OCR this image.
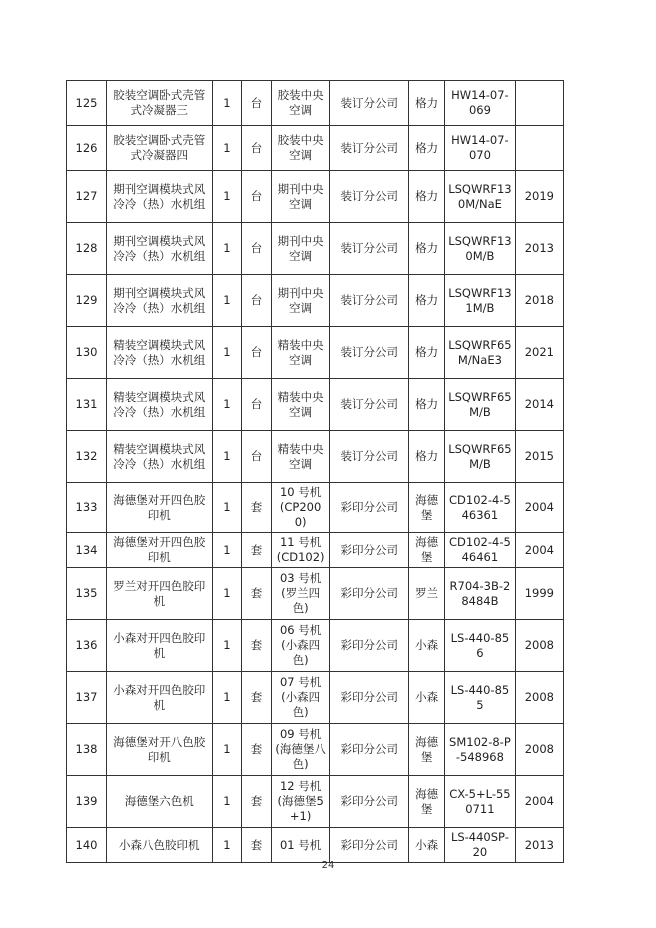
125	胶装空调卧式壳管式冷凝器三	1	台	胶装中央空调	装订分公司	格力	HW14-07-069	
126	胶装空调卧式壳管式冷凝器四	1	台	胶装中央空调	装订分公司	格力	HW14-07-070	
127	期刊空调模块式风冷冷（热）水机组	1	台	期刊中央空调	装订分公司	格力	LSQWRF130M/NaE	2019
128	期刊空调模块式风冷冷（热）水机组	1	台	期刊中央空调	装订分公司	格力	LSQWRF130M/B	2013
129	期刊空调模块式风冷冷（热）水机组	1	台	期刊中央空调	装订分公司	格力	LSQWRF131M/B	2018
130	精装空调模块式风冷冷（热）水机组	1	台	精装中央空调	装订分公司	格力	LSQWRF65M/NaE3	2021
131	精装空调模块式风冷冷（热）水机组	1	台	精装中央空调	装订分公司	格力	LSQWRF65M/B	2014
132	精装空调模块式风冷冷（热）水机组	1	台	精装中央空调	装订分公司	格力	LSQWRF65M/B	2015
133	海德堡对开四色胶印机	1	套	10 号机(CP2000)	彩印分公司	海德堡	CD102-4-546361	2004
134	海德堡对开四色胶印机	1	套	11 号机(CD102)	彩印分公司	海德堡	CD102-4-546461	2004
135	罗兰对开四色胶印机	1	套	03 号机(罗兰四色)	彩印分公司	罗兰	R704-3B-28484B	1999
136	小森对开四色胶印机	1	套	06 号机(小森四色)	彩印分公司	小森	LS-440-856	2008
137	小森对开四色胶印机	1	套	07 号机(小森四色)	彩印分公司	小森	LS-440-855	2008
138	海德堡对开八色胶印机	1	套	09 号机(海德堡八色)	彩印分公司	海德堡	SM102-8-P-548968	2008
139	海德堡六色机	1	套	12 号机(海德堡5+1)	彩印分公司	海德堡	CX-5+L-550711	2004
140	小森八色胶印机	1	套	01 号机	彩印分公司	小森	LS-440SP-20	2013
24
